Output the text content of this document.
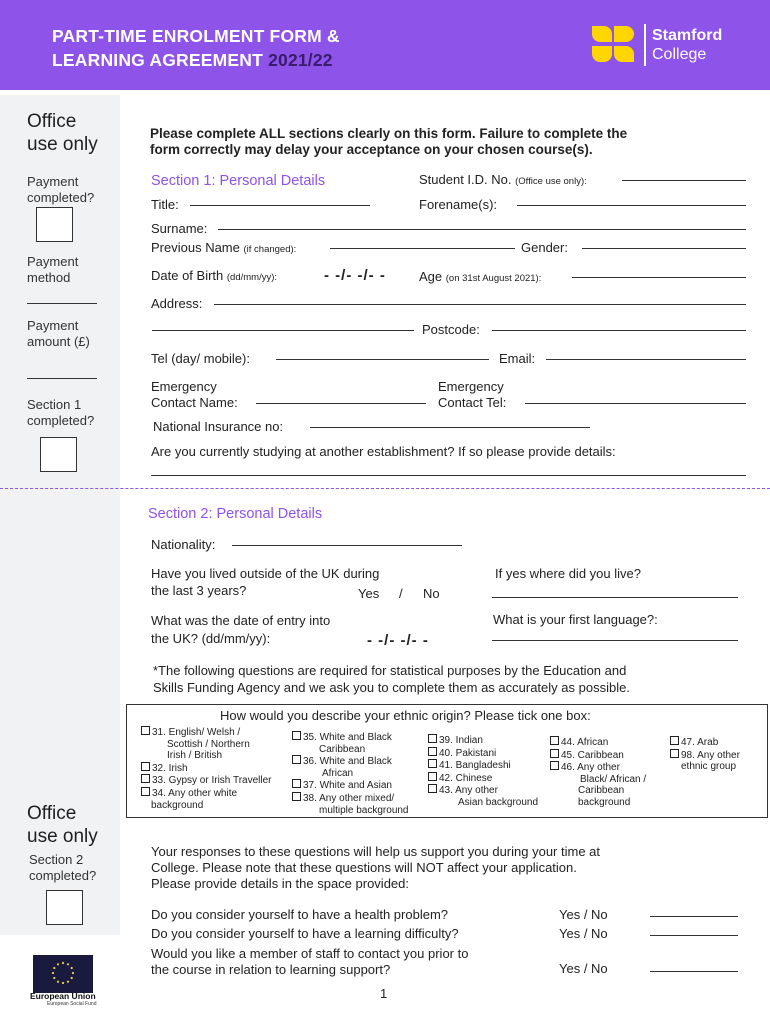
PART-TIME ENROLMENT FORM &
LEARNING AGREEMENT 2021/22
Stamford
College
Office
use only
Payment
completed?
Payment
method
Payment
amount (£)
Section 1
completed?
Please complete ALL sections clearly on this form. Failure to complete the
form correctly may delay your acceptance on your chosen course(s).
Section 1: Personal Details	Student I.D. No. (Office use only):
Title:	Forename(s):
Surname:
Previous Name (if changed):	Gender:
Date of Birth (dd/mm/yy):	- -/- -/- -	Age (on 31st August 2021):
Address:
Postcode:
Tel (day/ mobile):	Email:
Emergency
Contact Name:
Emergency
Contact Tel:
National Insurance no:
Are you currently studying at another establishment? If so please provide details:
Section 2: Personal Details
Nationality:
Have you lived outside of the UK during
the last 3 years?	Yes / No
If yes where did you live?
What was the date of entry into
the UK? (dd/mm/yy):	- -/- -/- -
What is your first language?:
*The following questions are required for statistical purposes by the Education and
Skills Funding Agency and we ask you to complete them as accurately as possible.
How would you describe your ethnic origin? Please tick one box:
31. English/ Welsh /
Scottish / Northern
Irish / British
32. Irish
33. Gypsy or Irish Traveller
34. Any other white
background
35. White and Black
Caribbean
36. White and Black
African
37. White and Asian
38. Any other mixed/
multiple background
39. Indian
40. Pakistani
41. Bangladeshi
42. Chinese
43. Any other
Asian background
44. African
45. Caribbean
46. Any other
Black/ African /
Caribbean
background
47. Arab
98. Any other
ethnic group
Office
use only
Section 2
completed?
Your responses to these questions will help us support you during your time at
College. Please note that these questions will NOT affect your application.
Please provide details in the space provided:
Do you consider yourself to have a health problem?	Yes / No
Do you consider yourself to have a learning difficulty?	Yes / No
Would you like a member of staff to contact you prior to
the course in relation to learning support?	Yes / No
European Union
European Social Fund
1
